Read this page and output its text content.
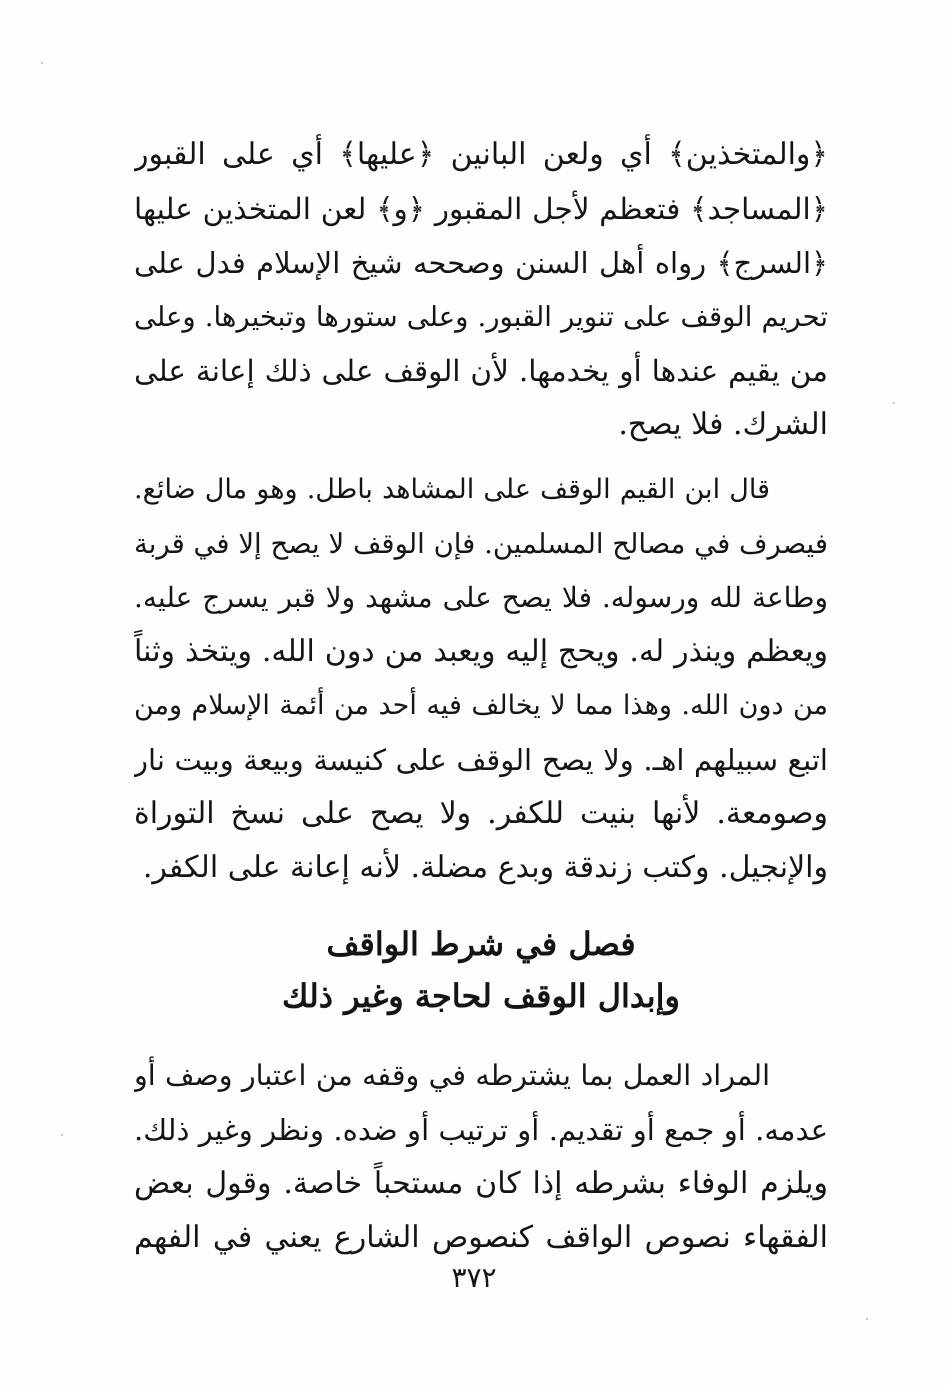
﴿والمتخذين﴾ أي ولعن البانين ﴿عليها﴾ أي على القبور
﴿المساجد﴾ فتعظم لأجل المقبور ﴿و﴾ لعن المتخذين عليها
﴿السرج﴾ رواه أهل السنن وصححه شيخ الإسلام فدل على
تحريم الوقف على تنوير القبور. وعلى ستورها وتبخيرها. وعلى
من يقيم عندها أو يخدمها. لأن الوقف على ذلك إعانة على
الشرك. فلا يصح.
قال ابن القيم الوقف على المشاهد باطل. وهو مال ضائع.
فيصرف في مصالح المسلمين. فإن الوقف لا يصح إلا في قربة
وطاعة لله ورسوله. فلا يصح على مشهد ولا قبر يسرج عليه.
ويعظم وينذر له. ويحج إليه ويعبد من دون الله. ويتخذ وثناً
من دون الله. وهذا مما لا يخالف فيه أحد من أئمة الإسلام ومن
اتبع سبيلهم اهـ. ولا يصح الوقف على كنيسة وبيعة وبيت نار
وصومعة. لأنها بنيت للكفر. ولا يصح على نسخ التوراة
والإنجيل. وكتب زندقة وبدع مضلة. لأنه إعانة على الكفر.
فصل في شرط الواقف
وإبدال الوقف لحاجة وغير ذلك
المراد العمل بما يشترطه في وقفه من اعتبار وصف أو
عدمه. أو جمع أو تقديم. أو ترتيب أو ضده. ونظر وغير ذلك.
ويلزم الوفاء بشرطه إذا كان مستحباً خاصة. وقول بعض
الفقهاء نصوص الواقف كنصوص الشارع يعني في الفهم
٣٧٢
